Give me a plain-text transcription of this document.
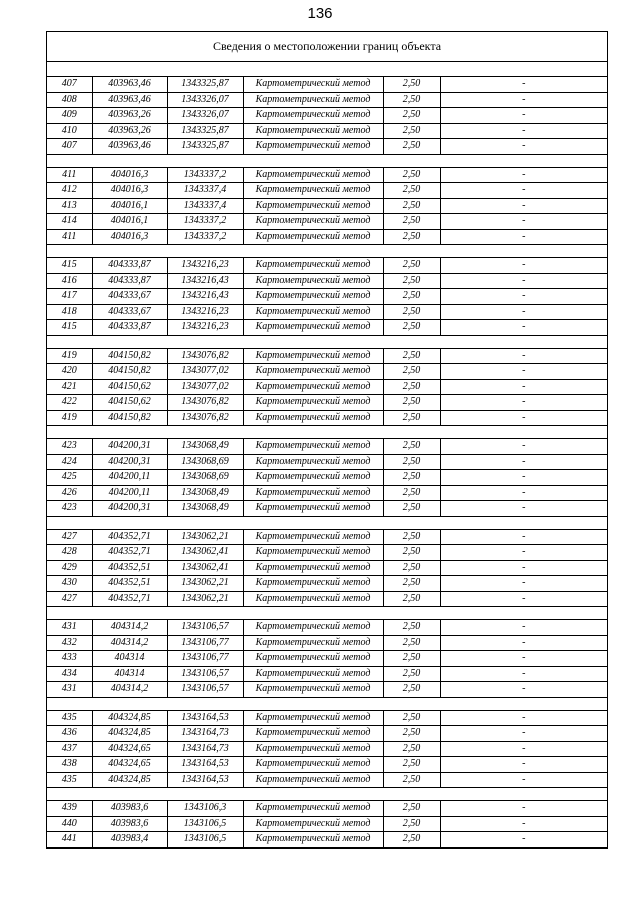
136
Сведения о местоположении границ объекта
407	403963,46	1343325,87	Картометрический метод	2,50	-
408	403963,46	1343326,07	Картометрический метод	2,50	-
409	403963,26	1343326,07	Картометрический метод	2,50	-
410	403963,26	1343325,87	Картометрический метод	2,50	-
407	403963,46	1343325,87	Картометрический метод	2,50	-

411	404016,3	1343337,2	Картометрический метод	2,50	-
412	404016,3	1343337,4	Картометрический метод	2,50	-
413	404016,1	1343337,4	Картометрический метод	2,50	-
414	404016,1	1343337,2	Картометрический метод	2,50	-
411	404016,3	1343337,2	Картометрический метод	2,50	-

415	404333,87	1343216,23	Картометрический метод	2,50	-
416	404333,87	1343216,43	Картометрический метод	2,50	-
417	404333,67	1343216,43	Картометрический метод	2,50	-
418	404333,67	1343216,23	Картометрический метод	2,50	-
415	404333,87	1343216,23	Картометрический метод	2,50	-

419	404150,82	1343076,82	Картометрический метод	2,50	-
420	404150,82	1343077,02	Картометрический метод	2,50	-
421	404150,62	1343077,02	Картометрический метод	2,50	-
422	404150,62	1343076,82	Картометрический метод	2,50	-
419	404150,82	1343076,82	Картометрический метод	2,50	-

423	404200,31	1343068,49	Картометрический метод	2,50	-
424	404200,31	1343068,69	Картометрический метод	2,50	-
425	404200,11	1343068,69	Картометрический метод	2,50	-
426	404200,11	1343068,49	Картометрический метод	2,50	-
423	404200,31	1343068,49	Картометрический метод	2,50	-

427	404352,71	1343062,21	Картометрический метод	2,50	-
428	404352,71	1343062,41	Картометрический метод	2,50	-
429	404352,51	1343062,41	Картометрический метод	2,50	-
430	404352,51	1343062,21	Картометрический метод	2,50	-
427	404352,71	1343062,21	Картометрический метод	2,50	-

431	404314,2	1343106,57	Картометрический метод	2,50	-
432	404314,2	1343106,77	Картометрический метод	2,50	-
433	404314	1343106,77	Картометрический метод	2,50	-
434	404314	1343106,57	Картометрический метод	2,50	-
431	404314,2	1343106,57	Картометрический метод	2,50	-

435	404324,85	1343164,53	Картометрический метод	2,50	-
436	404324,85	1343164,73	Картометрический метод	2,50	-
437	404324,65	1343164,73	Картометрический метод	2,50	-
438	404324,65	1343164,53	Картометрический метод	2,50	-
435	404324,85	1343164,53	Картометрический метод	2,50	-

439	403983,6	1343106,3	Картометрический метод	2,50	-
440	403983,6	1343106,5	Картометрический метод	2,50	-
441	403983,4	1343106,5	Картометрический метод	2,50	-
